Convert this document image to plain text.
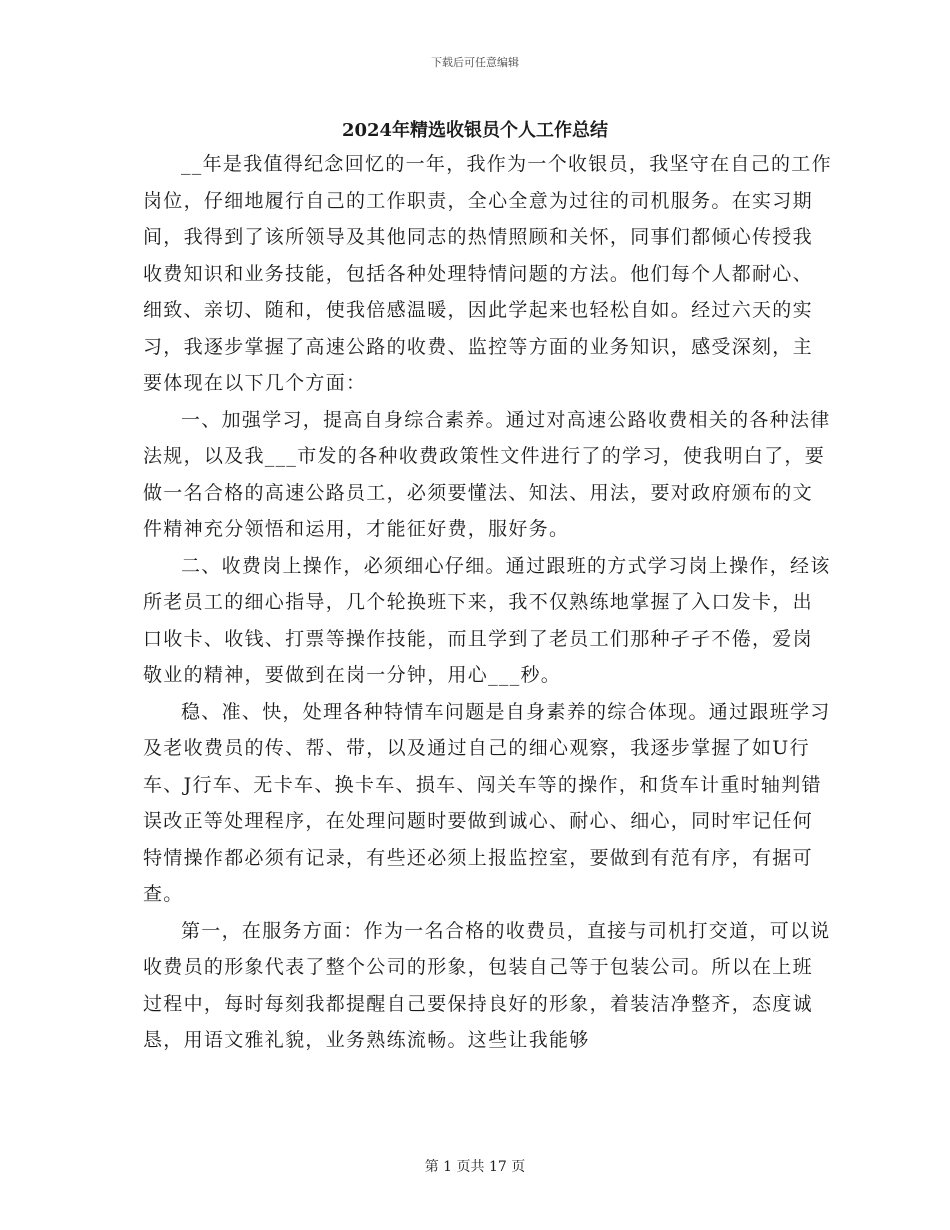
下载后可任意编辑
2024年精选收银员个人工作总结

__年是我值得纪念回忆的一年，我作为一个收银员，我坚守在自己的工作岗位，仔细地履行自己的工作职责，全心全意为过往的司机服务。在实习期间，我得到了该所领导及其他同志的热情照顾和关怀，同事们都倾心传授我收费知识和业务技能，包括各种处理特情问题的方法。他们每个人都耐心、细致、亲切、随和，使我倍感温暖，因此学起来也轻松自如。经过六天的实习，我逐步掌握了高速公路的收费、监控等方面的业务知识，感受深刻，主要体现在以下几个方面：

一、加强学习，提高自身综合素养。通过对高速公路收费相关的各种法律法规，以及我___市发的各种收费政策性文件进行了的学习，使我明白了，要做一名合格的高速公路员工，必须要懂法、知法、用法，要对政府颁布的文件精神充分领悟和运用，才能征好费，服好务。

二、收费岗上操作，必须细心仔细。通过跟班的方式学习岗上操作，经该所老员工的细心指导，几个轮换班下来，我不仅熟练地掌握了入口发卡，出口收卡、收钱、打票等操作技能，而且学到了老员工们那种孑孑不倦，爱岗敬业的精神，要做到在岗一分钟，用心___秒。

稳、准、快，处理各种特情车问题是自身素养的综合体现。通过跟班学习及老收费员的传、帮、带，以及通过自己的细心观察，我逐步掌握了如U行车、J行车、无卡车、换卡车、损车、闯关车等的操作，和货车计重时轴判错误改正等处理程序，在处理问题时要做到诚心、耐心、细心，同时牢记任何特情操作都必须有记录，有些还必须上报监控室，要做到有范有序，有据可查。

第一，在服务方面：作为一名合格的收费员，直接与司机打交道，可以说收费员的形象代表了整个公司的形象，包装自己等于包装公司。所以在上班过程中，每时每刻我都提醒自己要保持良好的形象，着装洁净整齐，态度诚恳，用语文雅礼貌，业务熟练流畅。这些让我能够

第 1 页共 17 页
